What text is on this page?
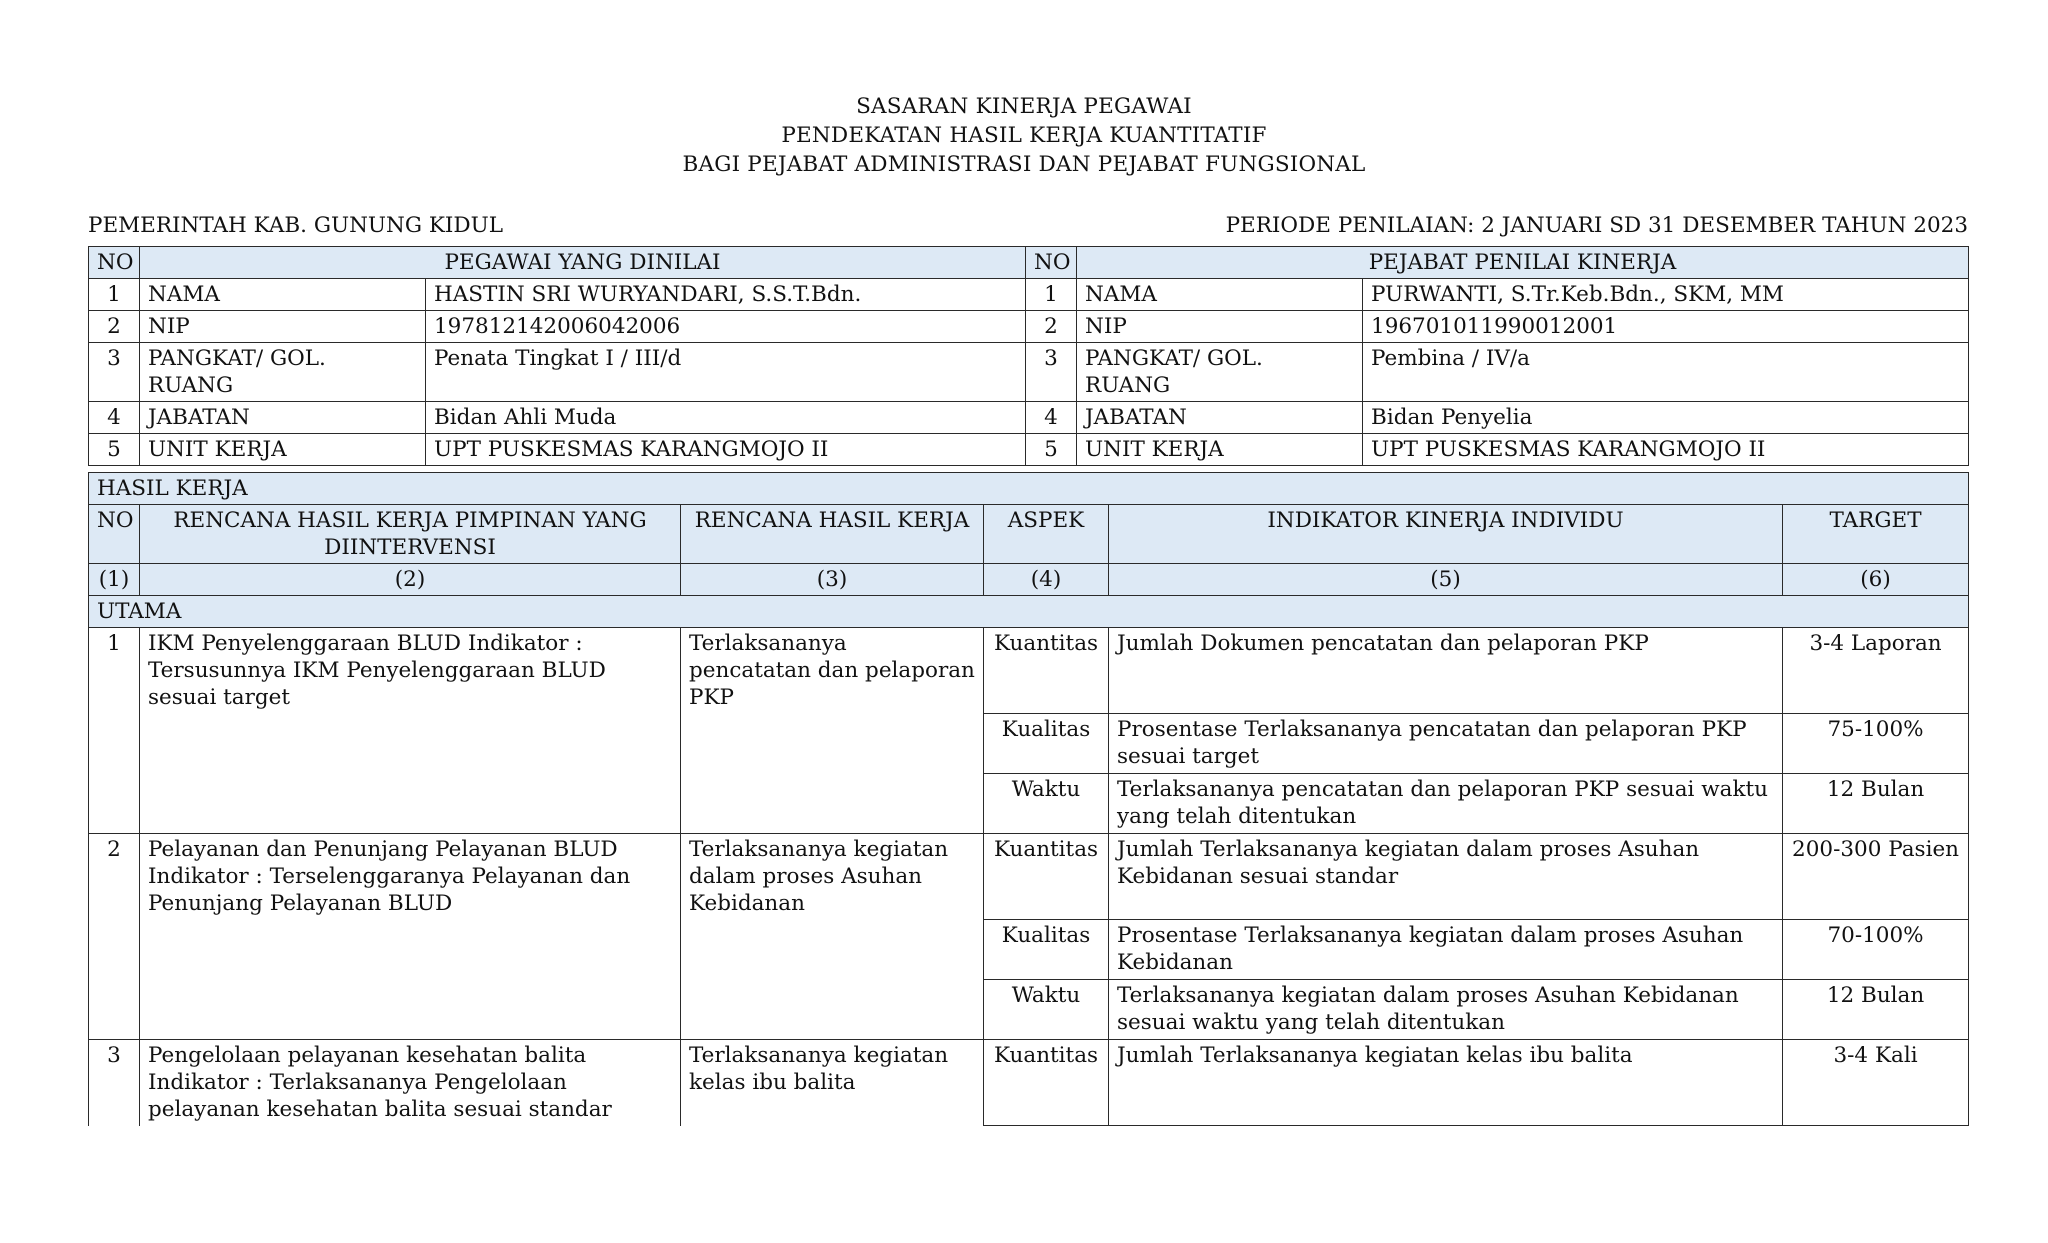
SASARAN KINERJA PEGAWAI
PENDEKATAN HASIL KERJA KUANTITATIF
BAGI PEJABAT ADMINISTRASI DAN PEJABAT FUNGSIONAL
PEMERINTAH KAB. GUNUNG KIDUL	PERIODE PENILAIAN: 2 JANUARI SD 31 DESEMBER TAHUN 2023
NO	PEGAWAI YANG DINILAI		NO	PEJABAT PENILAI KINERJA	
1	NAMA	HASTIN SRI WURYANDARI, S.S.T.Bdn.	1	NAMA	PURWANTI, S.Tr.Keb.Bdn., SKM, MM
2	NIP	197812142006042006	2	NIP	196701011990012001
3	PANGKAT/ GOL. RUANG	Penata Tingkat I / III/d	3	PANGKAT/ GOL. RUANG	Pembina / IV/a
4	JABATAN	Bidan Ahli Muda	4	JABATAN	Bidan Penyelia
5	UNIT KERJA	UPT PUSKESMAS KARANGMOJO II	5	UNIT KERJA	UPT PUSKESMAS KARANGMOJO II
HASIL KERJA					
NO	RENCANA HASIL KERJA PIMPINAN YANG DIINTERVENSI	RENCANA HASIL KERJA	ASPEK	INDIKATOR KINERJA INDIVIDU	TARGET
(1)	(2)	(3)	(4)	(5)	(6)
UTAMA					
1	IKM Penyelenggaraan BLUD Indikator : Tersusunnya IKM Penyelenggaraan BLUD sesuai target	Terlaksananya pencatatan dan pelaporan PKP	Kuantitas	Jumlah Dokumen pencatatan dan pelaporan PKP	3-4 Laporan
			Kualitas	Prosentase Terlaksananya pencatatan dan pelaporan PKP sesuai target	75-100%
			Waktu	Terlaksananya pencatatan dan pelaporan PKP sesuai waktu yang telah ditentukan	12 Bulan
2	Pelayanan dan Penunjang Pelayanan BLUD Indikator : Terselenggaranya Pelayanan dan Penunjang Pelayanan BLUD	Terlaksananya kegiatan dalam proses Asuhan Kebidanan	Kuantitas	Jumlah Terlaksananya kegiatan dalam proses Asuhan Kebidanan sesuai standar	200-300 Pasien
			Kualitas	Prosentase Terlaksananya kegiatan dalam proses Asuhan Kebidanan	70-100%
			Waktu	Terlaksananya kegiatan dalam proses Asuhan Kebidanan sesuai waktu yang telah ditentukan	12 Bulan
3	Pengelolaan pelayanan kesehatan balita Indikator : Terlaksananya Pengelolaan pelayanan kesehatan balita sesuai standar	Terlaksananya kegiatan kelas ibu balita	Kuantitas	Jumlah Terlaksananya kegiatan kelas ibu balita	3-4 Kali
